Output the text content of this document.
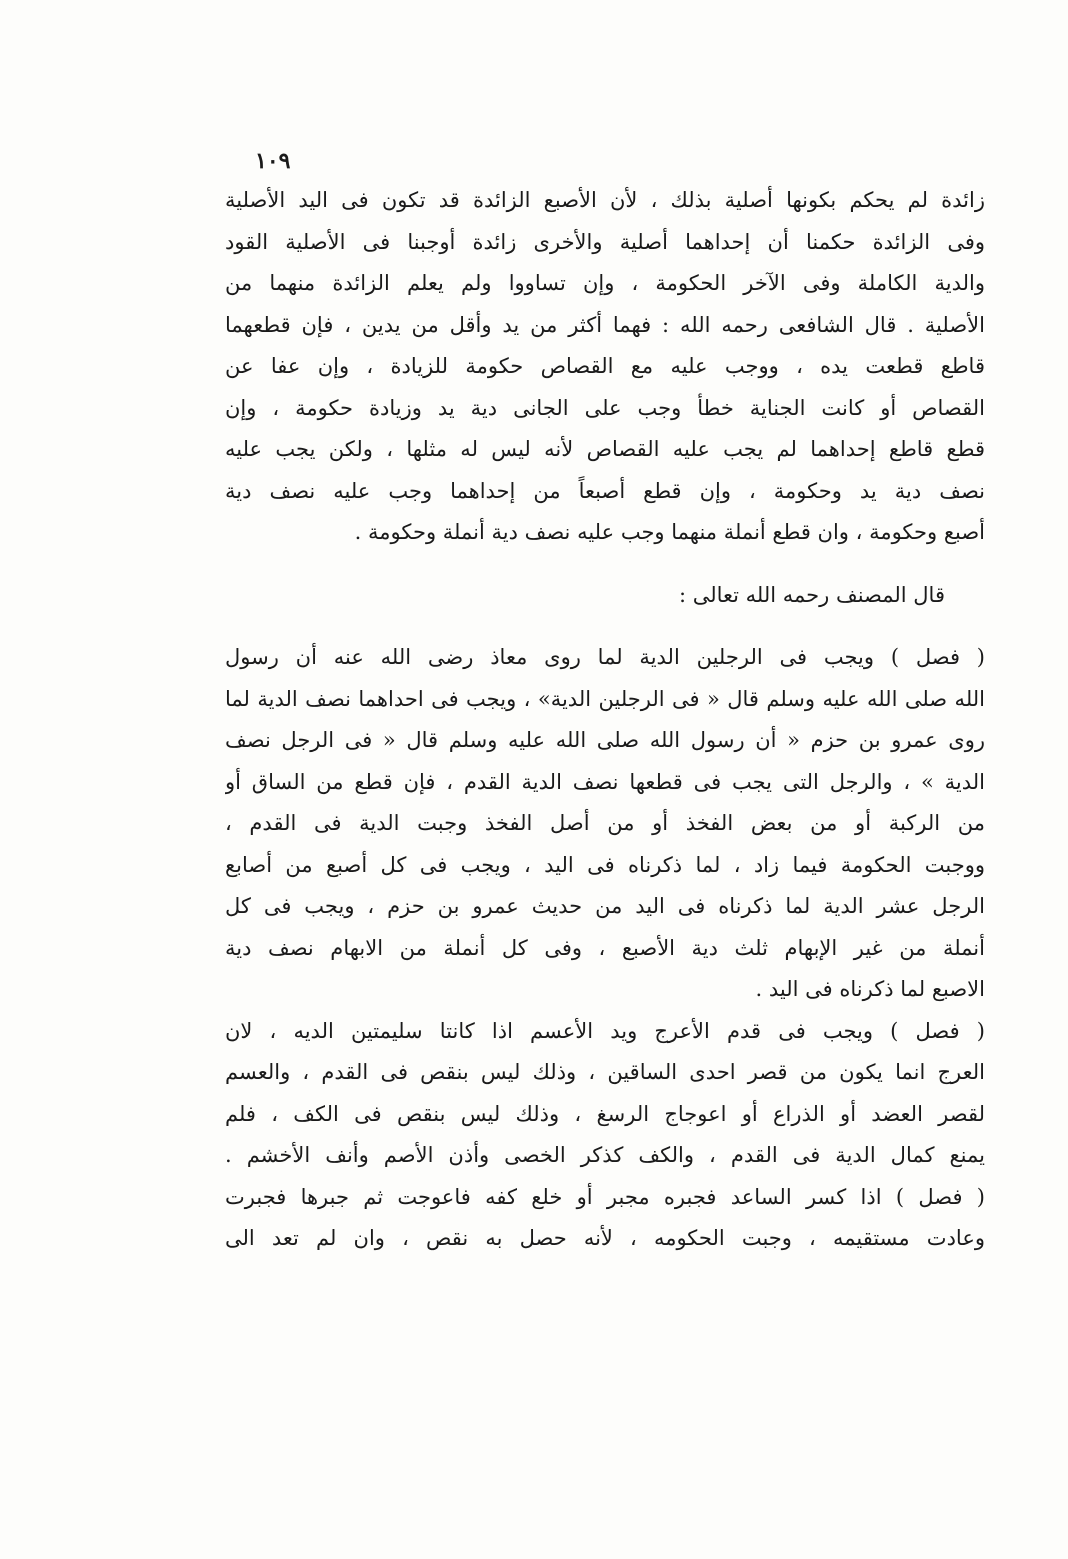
١٠٩
زائدة لم يحكم بكونها أصلية بذلك ، لأن الأصبع الزائدة قد تكون فى اليد الأصلية
وفى الزائدة حكمنا أن إحداهما أصلية والأخرى زائدة أوجبنا فى الأصلية القود
والدية الكاملة وفى الآخر الحكومة ، وإن تساووا ولم يعلم الزائدة منهما من
الأصلية . قال الشافعى رحمه الله : فهما أكثر من يد وأقل من يدين ، فإن قطعهما
قاطع قطعت يده ، ووجب عليه مع القصاص حكومة للزيادة ، وإن عفا عن
القصاص أو كانت الجناية خطأ وجب على الجانى دية يد وزيادة حكومة ، وإن
قطع قاطع إحداهما لم يجب عليه القصاص لأنه ليس له مثلها ، ولكن يجب عليه
نصف دية يد وحكومة ، وإن قطع أصبعاً من إحداهما وجب عليه نصف دية
أصبع وحكومة ، وان قطع أنملة منهما وجب عليه نصف دية أنملة وحكومة .
قال المصنف رحمه الله تعالى :
( فصل ) ويجب فى الرجلين الدية لما روى معاذ رضى الله عنه أن رسول
الله صلى الله عليه وسلم قال « فى الرجلين الدية» ، ويجب فى احداهما نصف الدية لما
روى عمرو بن حزم « أن رسول الله صلى الله عليه وسلم قال « فى الرجل نصف
الدية » ، والرجل التى يجب فى قطعها نصف الدية القدم ، فإن قطع من الساق أو
من الركبة أو من بعض الفخذ أو من أصل الفخذ وجبت الدية فى القدم ،
ووجبت الحكومة فيما زاد ، لما ذكرناه فى اليد ، ويجب فى كل أصبع من أصابع
الرجل عشر الدية لما ذكرناه فى اليد من حديث عمرو بن حزم ، ويجب فى كل
أنملة من غير الإبهام ثلث دية الأصبع ، وفى كل أنملة من الابهام نصف دية
الاصبع لما ذكرناه فى اليد .
( فصل ) ويجب فى قدم الأعرج ويد الأعسم اذا كانتا سليمتين الديه ، لان
العرج انما يكون من قصر احدى الساقين ، وذلك ليس بنقص فى القدم ، والعسم
لقصر العضد أو الذراع أو اعوجاج الرسغ ، وذلك ليس بنقص فى الكف ، فلم
يمنع كمال الدية فى القدم ، والكف كذكر الخصى وأذن الأصم وأنف الأخشم .
( فصل ) اذا كسر الساعد فجبره مجبر أو خلع كفه فاعوجت ثم جبرها فجبرت
وعادت مستقيمه ، وجبت الحكومه ، لأنه حصل به نقص ، وان لم تعد الى
